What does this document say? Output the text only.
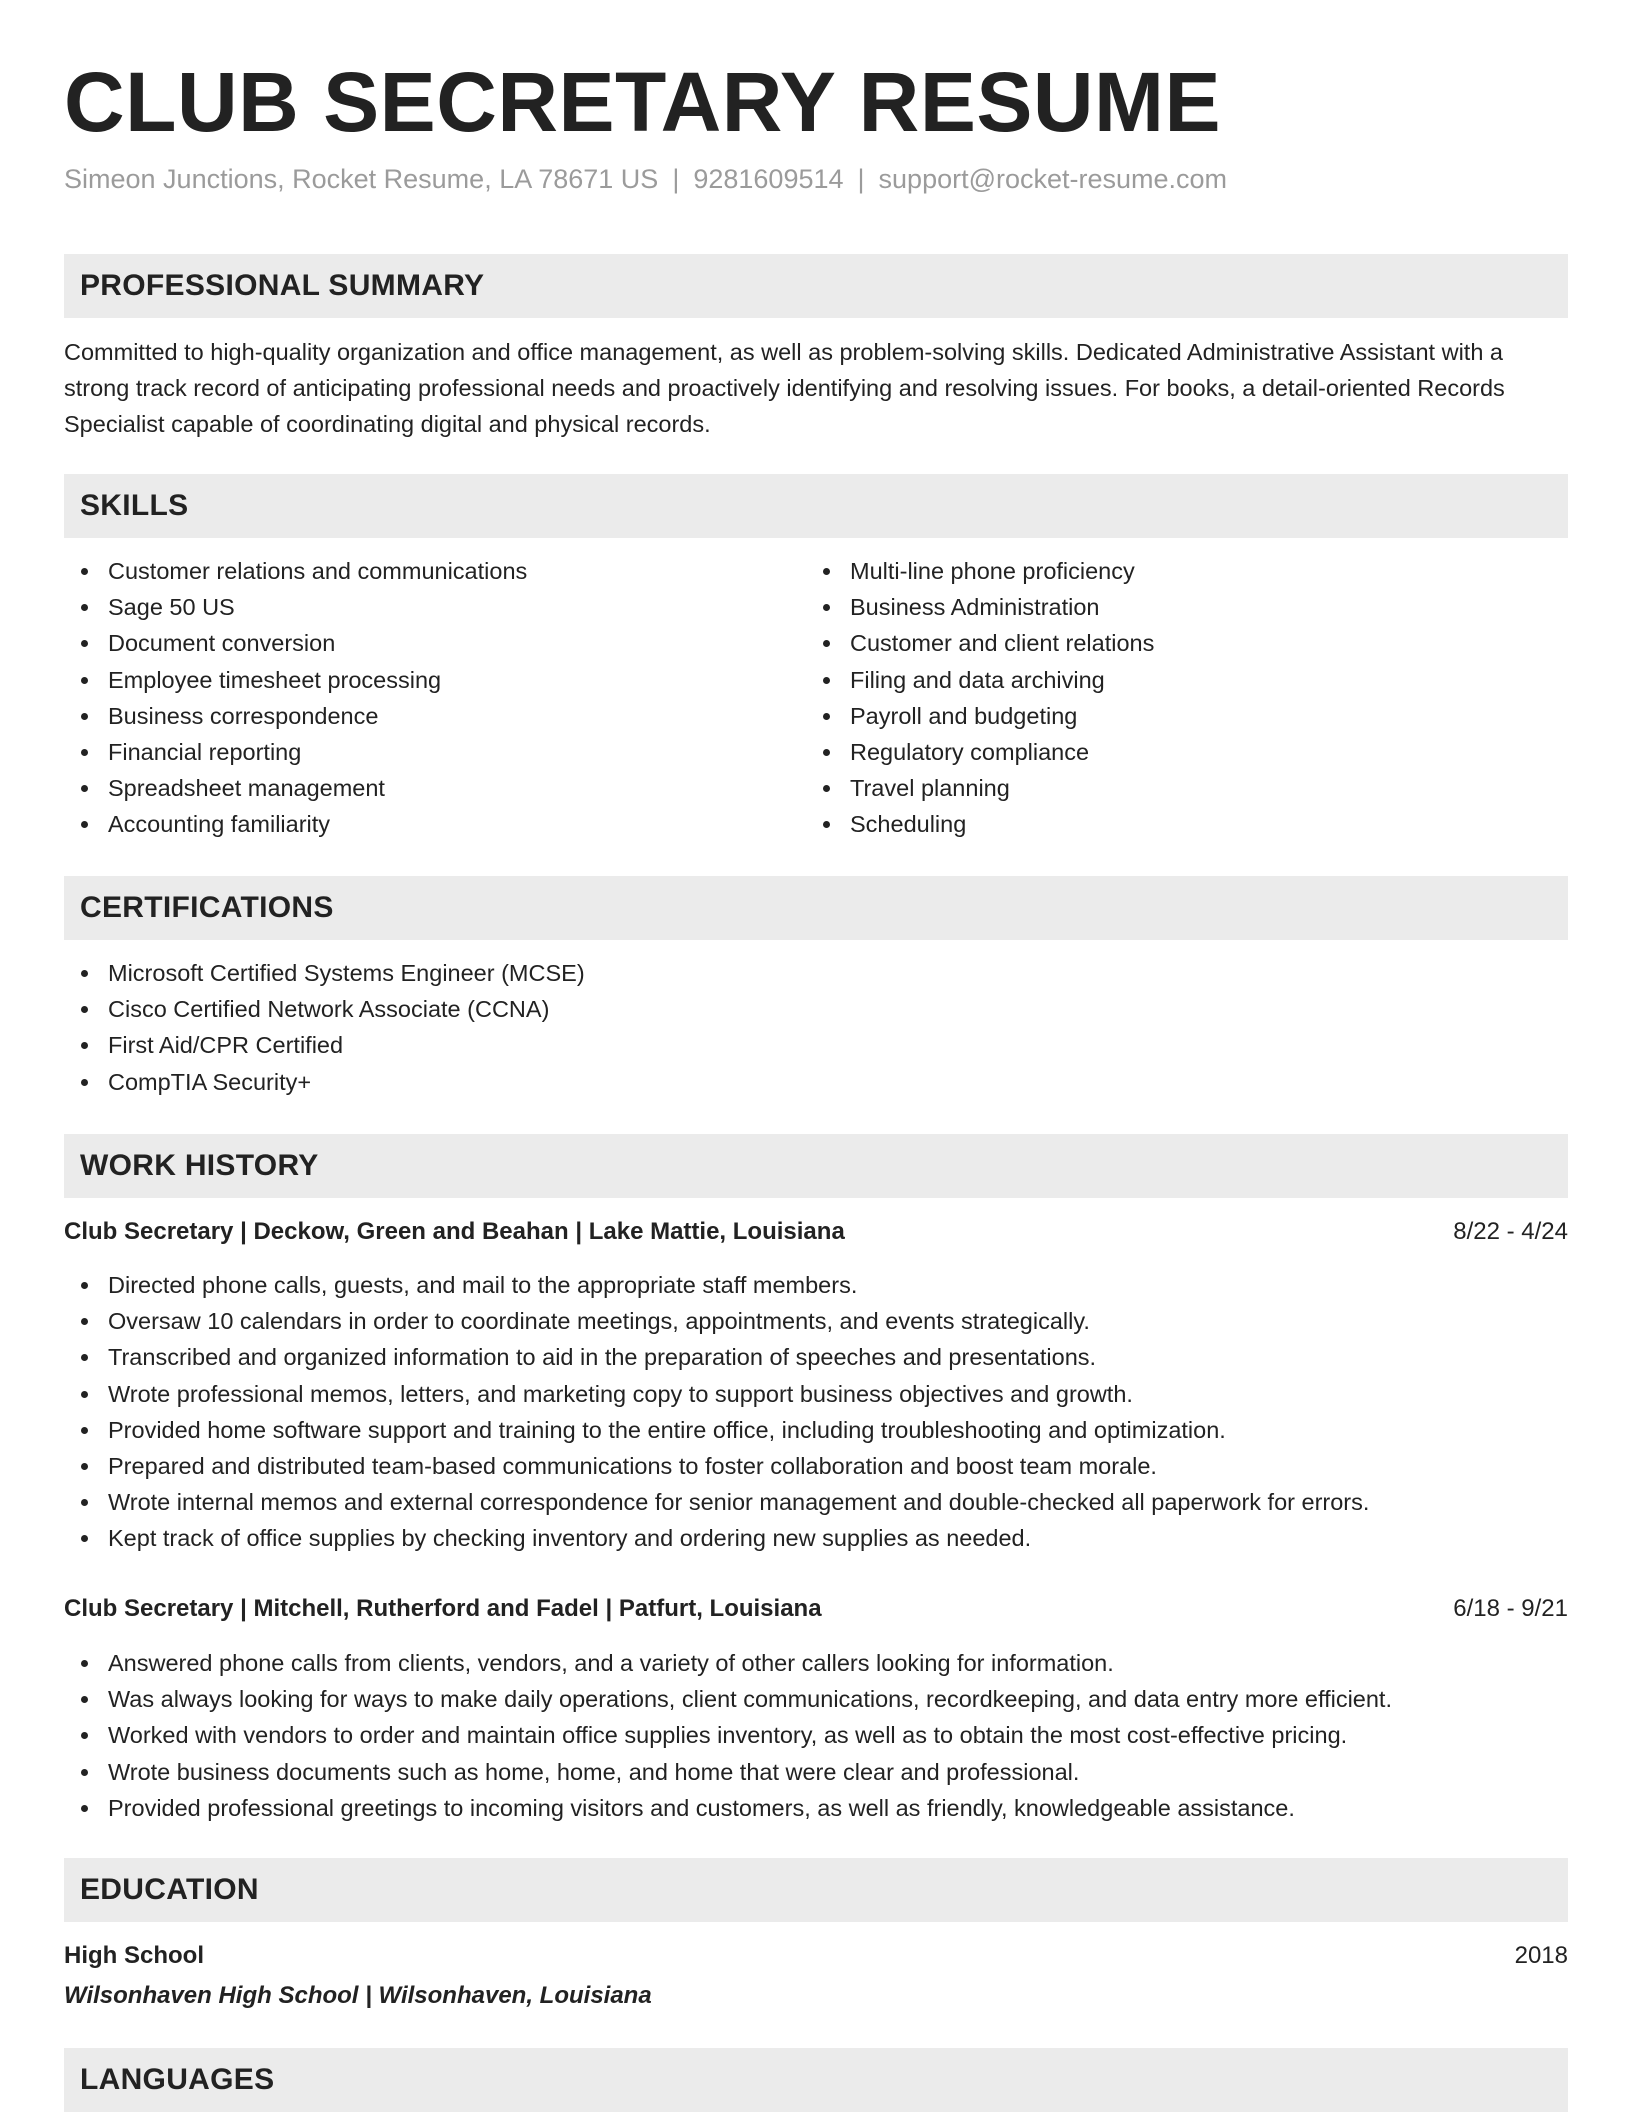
CLUB SECRETARY RESUME
Simeon Junctions, Rocket Resume, LA 78671 US | 9281609514 | support@rocket-resume.com
PROFESSIONAL SUMMARY

Committed to high-quality organization and office management, as well as problem-solving skills. Dedicated Administrative Assistant with a strong track record of anticipating professional needs and proactively identifying and resolving issues. For books, a detail-oriented Records Specialist capable of coordinating digital and physical records.

SKILLS
Customer relations and communications
Sage 50 US
Document conversion
Employee timesheet processing
Business correspondence
Financial reporting
Spreadsheet management
Accounting familiarity
Multi-line phone proficiency
Business Administration
Customer and client relations
Filing and data archiving
Payroll and budgeting
Regulatory compliance
Travel planning
Scheduling
CERTIFICATIONS
Microsoft Certified Systems Engineer (MCSE)
Cisco Certified Network Associate (CCNA)
First Aid/CPR Certified
CompTIA Security+
WORK HISTORY
Club Secretary | Deckow, Green and Beahan | Lake Mattie, Louisiana	8/22 - 4/24
Directed phone calls, guests, and mail to the appropriate staff members.
Oversaw 10 calendars in order to coordinate meetings, appointments, and events strategically.
Transcribed and organized information to aid in the preparation of speeches and presentations.
Wrote professional memos, letters, and marketing copy to support business objectives and growth.
Provided home software support and training to the entire office, including troubleshooting and optimization.
Prepared and distributed team-based communications to foster collaboration and boost team morale.
Wrote internal memos and external correspondence for senior management and double-checked all paperwork for errors.
Kept track of office supplies by checking inventory and ordering new supplies as needed.
Club Secretary | Mitchell, Rutherford and Fadel | Patfurt, Louisiana	6/18 - 9/21
Answered phone calls from clients, vendors, and a variety of other callers looking for information.
Was always looking for ways to make daily operations, client communications, recordkeeping, and data entry more efficient.
Worked with vendors to order and maintain office supplies inventory, as well as to obtain the most cost-effective pricing.
Wrote business documents such as home, home, and home that were clear and professional.
Provided professional greetings to incoming visitors and customers, as well as friendly, knowledgeable assistance.
EDUCATION
High School	2018
Wilsonhaven High School | Wilsonhaven, Louisiana
LANGUAGES
